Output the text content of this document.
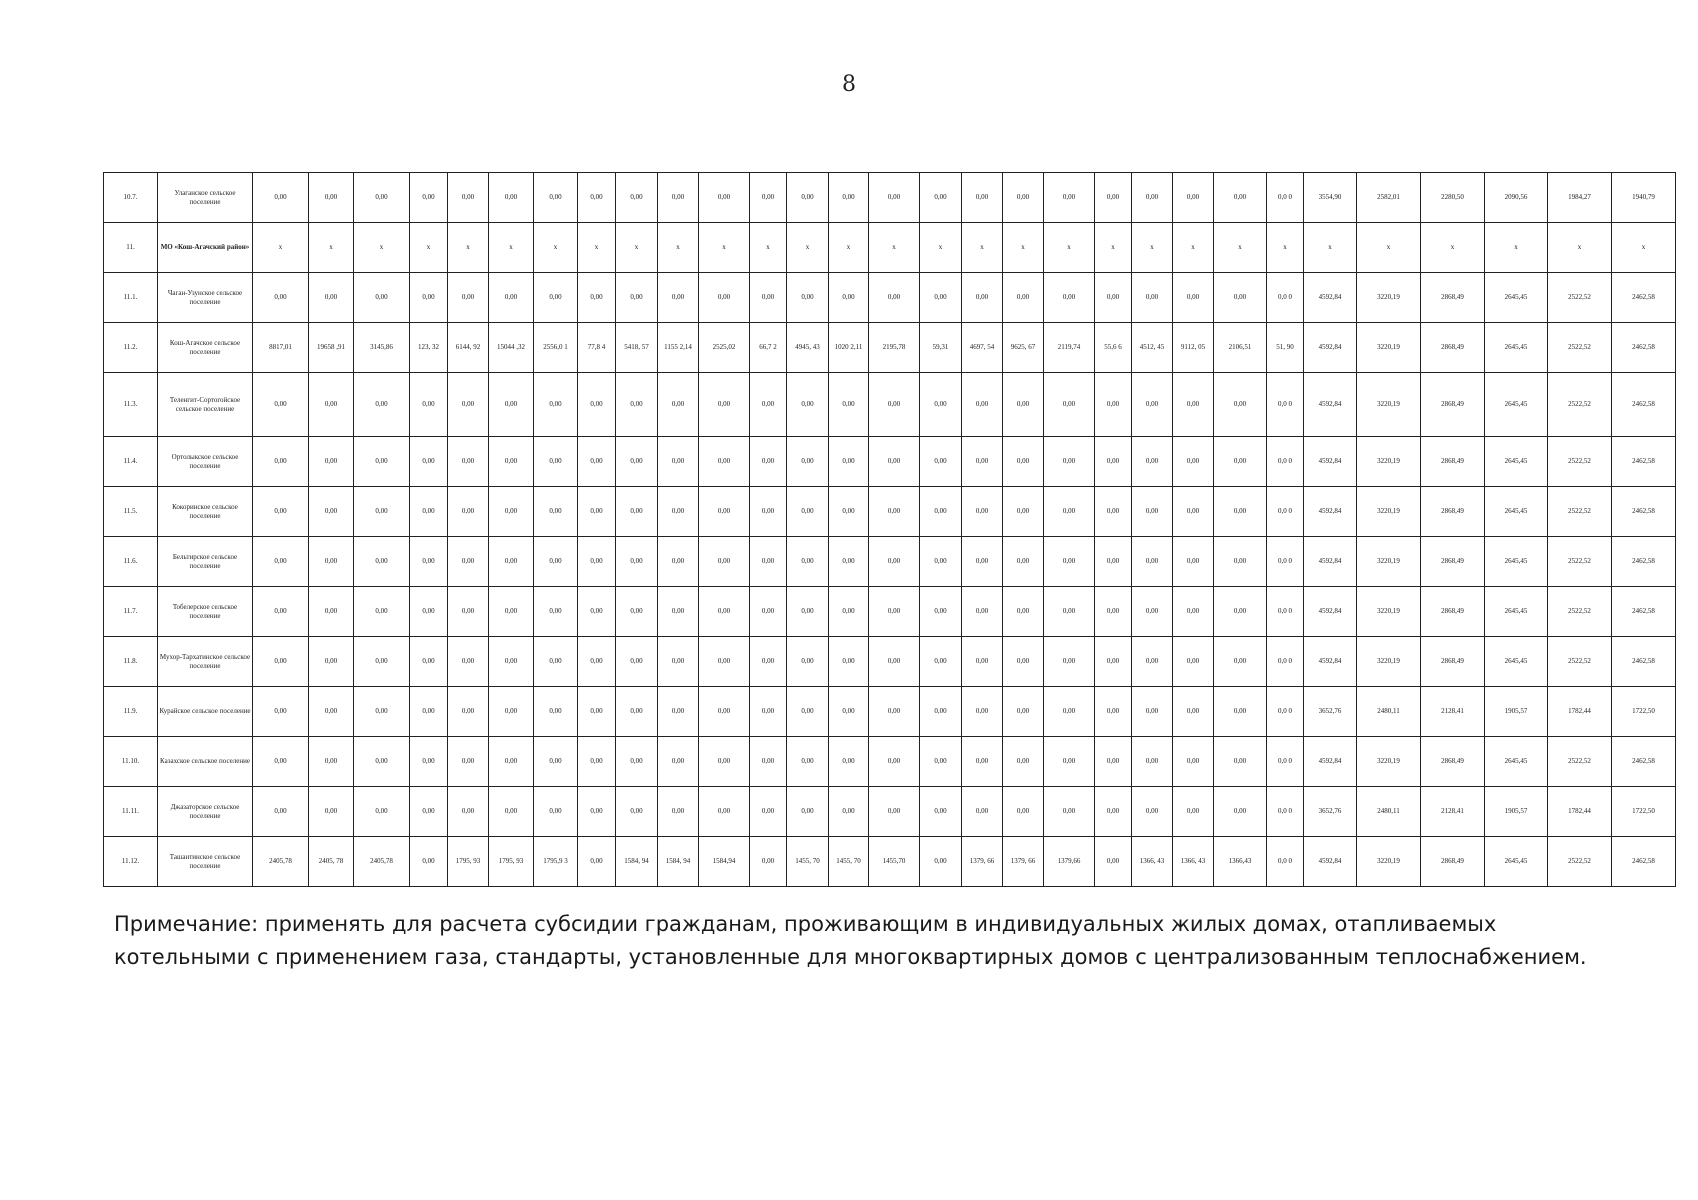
8
10.7.	Улаганское сельское поселение	0,00	0,00	0,00	0,00	0,00	0,00	0,00	0,00	0,00	0,00	0,00	0,00	0,00	0,00	0,00	0,00	0,00	0,00	0,00	0,00	0,00	0,00	0,00	0,0 0	3554,90	2582,01	2280,50	2090,56	1984,27	1940,79
11.	МО «Кош-Агачский район»	x	x	x	x	x	x	x	x	x	x	x	x	x	x	x	x	x	x	x	x	x	x	x	x	x	x	x	x	x	x
11.1.	Чаган-Узунское сельское поселение	0,00	0,00	0,00	0,00	0,00	0,00	0,00	0,00	0,00	0,00	0,00	0,00	0,00	0,00	0,00	0,00	0,00	0,00	0,00	0,00	0,00	0,00	0,00	0,0 0	4592,84	3220,19	2868,49	2645,45	2522,52	2462,58
11.2.	Кош-Агачское сельское поселение	8817,01	19658 ,91	3145,86	123, 32	6144, 92	15044 ,32	2556,0 1	77,8 4	5418, 57	1155 2,14	2525,02	66,7 2	4945, 43	1020 2,11	2195,78	59,31	4697, 54	9625, 67	2119,74	55,6 6	4512, 45	9112, 05	2106,51	51, 90	4592,84	3220,19	2868,49	2645,45	2522,52	2462,58
11.3.	Теленгит-Сортогойское сельское поселение	0,00	0,00	0,00	0,00	0,00	0,00	0,00	0,00	0,00	0,00	0,00	0,00	0,00	0,00	0,00	0,00	0,00	0,00	0,00	0,00	0,00	0,00	0,00	0,0 0	4592,84	3220,19	2868,49	2645,45	2522,52	2462,58
11.4.	Ортолыкское сельское поселение	0,00	0,00	0,00	0,00	0,00	0,00	0,00	0,00	0,00	0,00	0,00	0,00	0,00	0,00	0,00	0,00	0,00	0,00	0,00	0,00	0,00	0,00	0,00	0,0 0	4592,84	3220,19	2868,49	2645,45	2522,52	2462,58
11.5.	Кокоринское сельское поселение	0,00	0,00	0,00	0,00	0,00	0,00	0,00	0,00	0,00	0,00	0,00	0,00	0,00	0,00	0,00	0,00	0,00	0,00	0,00	0,00	0,00	0,00	0,00	0,0 0	4592,84	3220,19	2868,49	2645,45	2522,52	2462,58
11.6.	Бельтирское сельское поселение	0,00	0,00	0,00	0,00	0,00	0,00	0,00	0,00	0,00	0,00	0,00	0,00	0,00	0,00	0,00	0,00	0,00	0,00	0,00	0,00	0,00	0,00	0,00	0,0 0	4592,84	3220,19	2868,49	2645,45	2522,52	2462,58
11.7.	Тобелерское сельское поселение	0,00	0,00	0,00	0,00	0,00	0,00	0,00	0,00	0,00	0,00	0,00	0,00	0,00	0,00	0,00	0,00	0,00	0,00	0,00	0,00	0,00	0,00	0,00	0,0 0	4592,84	3220,19	2868,49	2645,45	2522,52	2462,58
11.8.	Мухор-Тархатинское сельское поселение	0,00	0,00	0,00	0,00	0,00	0,00	0,00	0,00	0,00	0,00	0,00	0,00	0,00	0,00	0,00	0,00	0,00	0,00	0,00	0,00	0,00	0,00	0,00	0,0 0	4592,84	3220,19	2868,49	2645,45	2522,52	2462,58
11.9.	Курайское сельское поселение	0,00	0,00	0,00	0,00	0,00	0,00	0,00	0,00	0,00	0,00	0,00	0,00	0,00	0,00	0,00	0,00	0,00	0,00	0,00	0,00	0,00	0,00	0,00	0,0 0	3652,76	2480,11	2128,41	1905,57	1782,44	1722,50
11.10.	Казахское сельское поселение	0,00	0,00	0,00	0,00	0,00	0,00	0,00	0,00	0,00	0,00	0,00	0,00	0,00	0,00	0,00	0,00	0,00	0,00	0,00	0,00	0,00	0,00	0,00	0,0 0	4592,84	3220,19	2868,49	2645,45	2522,52	2462,58
11.11.	Джазаторское сельское поселение	0,00	0,00	0,00	0,00	0,00	0,00	0,00	0,00	0,00	0,00	0,00	0,00	0,00	0,00	0,00	0,00	0,00	0,00	0,00	0,00	0,00	0,00	0,00	0,0 0	3652,76	2480,11	2128,41	1905,57	1782,44	1722,50
11.12.	Ташантинское сельское поселение	2405,78	2405, 78	2405,78	0,00	1795, 93	1795, 93	1795,9 3	0,00	1584, 94	1584, 94	1584,94	0,00	1455, 70	1455, 70	1455,70	0,00	1379, 66	1379, 66	1379,66	0,00	1366, 43	1366, 43	1366,43	0,0 0	4592,84	3220,19	2868,49	2645,45	2522,52	2462,58
Примечание: применять для расчета субсидии гражданам, проживающим в индивидуальных жилых домах, отапливаемых
котельными с применением газа, стандарты, установленные для многоквартирных домов с централизованным теплоснабжением.
